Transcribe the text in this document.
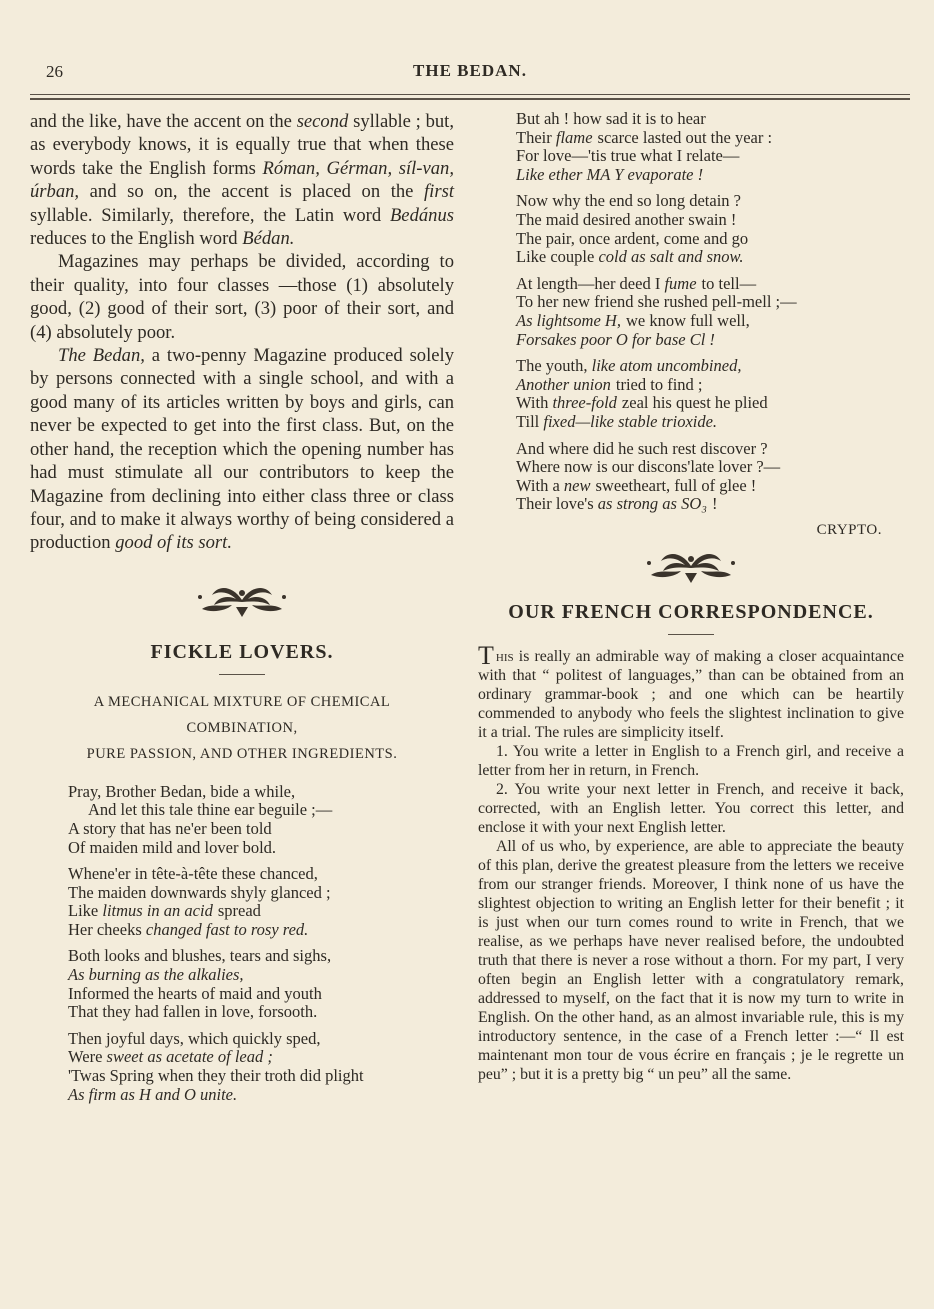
26	THE BEDAN.

and the like, have the accent on the second syllable ; but, as everybody knows, it is equally true that when these words take the English forms Róman, Gérman, síl-van, úrban, and so on, the accent is placed on the first syllable. Similarly, therefore, the Latin word Bedánus reduces to the English word Bédan.

Magazines may perhaps be divided, according to their quality, into four classes —those (1) absolutely good, (2) good of their sort, (3) poor of their sort, and (4) absolutely poor.

The Bedan, a two-penny Magazine produced solely by persons connected with a single school, and with a good many of its articles written by boys and girls, can never be expected to get into the first class. But, on the other hand, the reception which the opening number has had must stimulate all our contributors to keep the Magazine from declining into either class three or class four, and to make it always worthy of being considered a production good of its sort.

FICKLE LOVERS.

A MECHANICAL MIXTURE OF CHEMICAL

COMBINATION,

PURE PASSION, AND OTHER INGREDIENTS.

Pray, Brother Bedan, bide a while,
And let this tale thine ear beguile ;—
A story that has ne'er been told
Of maiden mild and lover bold.
Whene'er in tête-à-tête these chanced,
The maiden downwards shyly glanced ;
Like litmus in an acid spread
Her cheeks changed fast to rosy red.
Both looks and blushes, tears and sighs,
As burning as the alkalies,
Informed the hearts of maid and youth
That they had fallen in love, forsooth.
Then joyful days, which quickly sped,
Were sweet as acetate of lead ;
'Twas Spring when they their troth did plight
As firm as H and O unite.
But ah ! how sad it is to hear
Their flame scarce lasted out the year :
For love—'tis true what I relate—
Like ether MA Y evaporate !
Now why the end so long detain ?
The maid desired another swain !
The pair, once ardent, come and go
Like couple cold as salt and snow.
At length—her deed I fume to tell—
To her new friend she rushed pell-mell ;—
As lightsome H, we know full well,
Forsakes poor O for base Cl !
The youth, like atom uncombined,
Another union tried to find ;
With three-fold zeal his quest he plied
Till fixed—like stable trioxide.
And where did he such rest discover ?
Where now is our discons'late lover ?—
With a new sweetheart, full of glee !
Their love's as strong as SO₃ !

CRYPTO.

OUR FRENCH CORRESPONDENCE.

This is really an admirable way of making a closer acquaintance with that “ politest of languages,” than can be obtained from an ordinary grammar-book ; and one which can be heartily commended to anybody who feels the slightest inclination to give it a trial. The rules are simplicity itself.

1. You write a letter in English to a French girl, and receive a letter from her in return, in French.

2. You write your next letter in French, and receive it back, corrected, with an English letter. You correct this letter, and enclose it with your next English letter.

All of us who, by experience, are able to appreciate the beauty of this plan, derive the greatest pleasure from the letters we receive from our stranger friends. Moreover, I think none of us have the slightest objection to writing an English letter for their benefit ; it is just when our turn comes round to write in French, that we realise, as we perhaps have never realised before, the undoubted truth that there is never a rose without a thorn. For my part, I very often begin an English letter with a congratulatory remark, addressed to myself, on the fact that it is now my turn to write in English. On the other hand, as an almost invariable rule, this is my introductory sentence, in the case of a French letter :—“ Il est maintenant mon tour de vous écrire en français ; je le regrette un peu” ; but it is a pretty big “ un peu” all the same.
